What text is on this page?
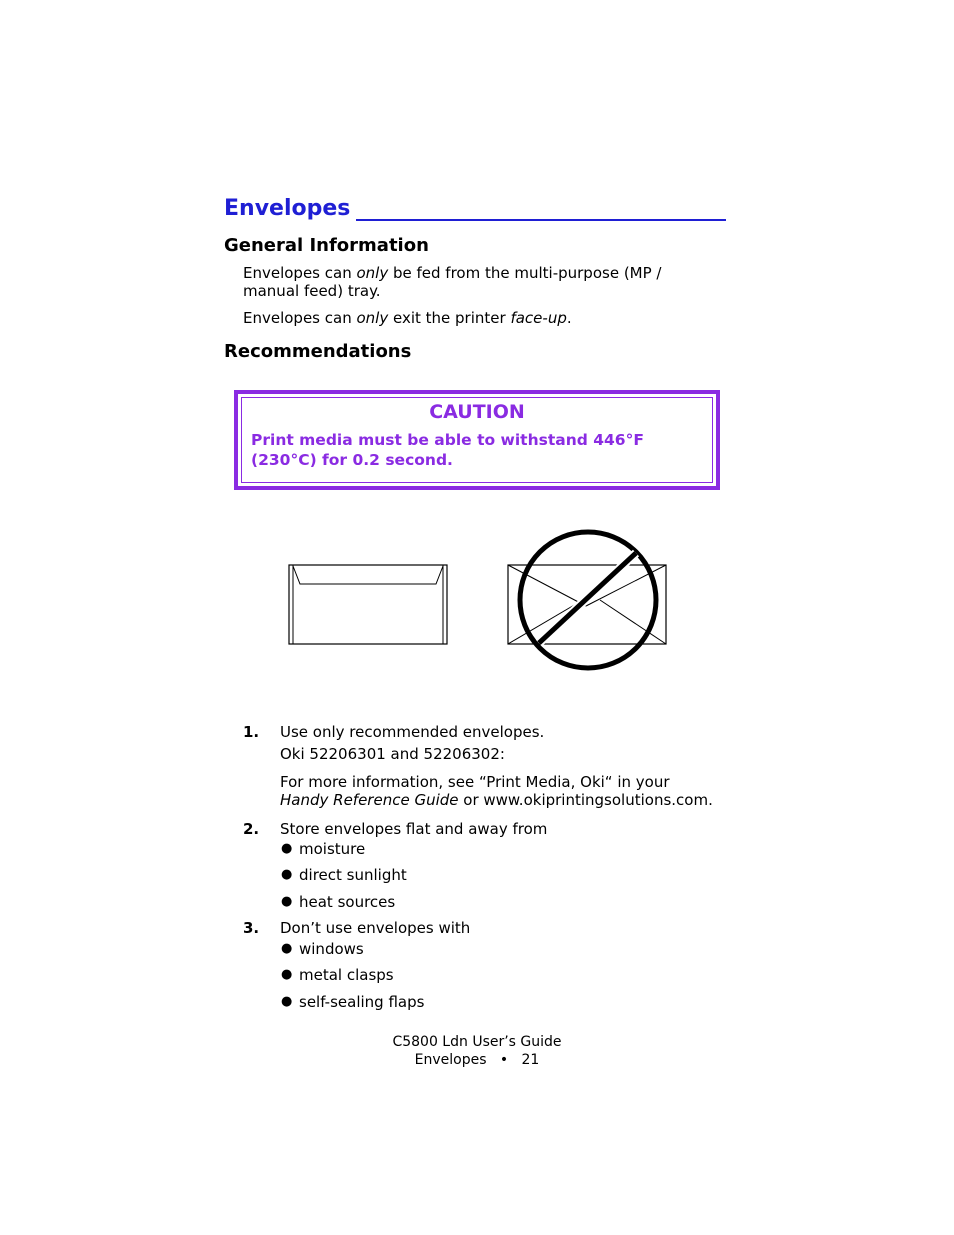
Envelopes
General Information
Envelopes can only be fed from the multi-purpose (MP / manual feed) tray.
Envelopes can only exit the printer face-up.
Recommendations
CAUTION
Print media must be able to withstand 446°F
(230°C) for 0.2 second.
1. Use only recommended envelopes.
Oki 52206301 and 52206302:
For more information, see “Print Media, Oki“ in your
Handy Reference Guide or www.okiprintingsolutions.com.
2. Store envelopes flat and away from
● moisture
● direct sunlight
● heat sources
3. Don’t use envelopes with
● windows
● metal clasps
● self-sealing flaps
C5800 Ldn User’s Guide
Envelopes • 21
